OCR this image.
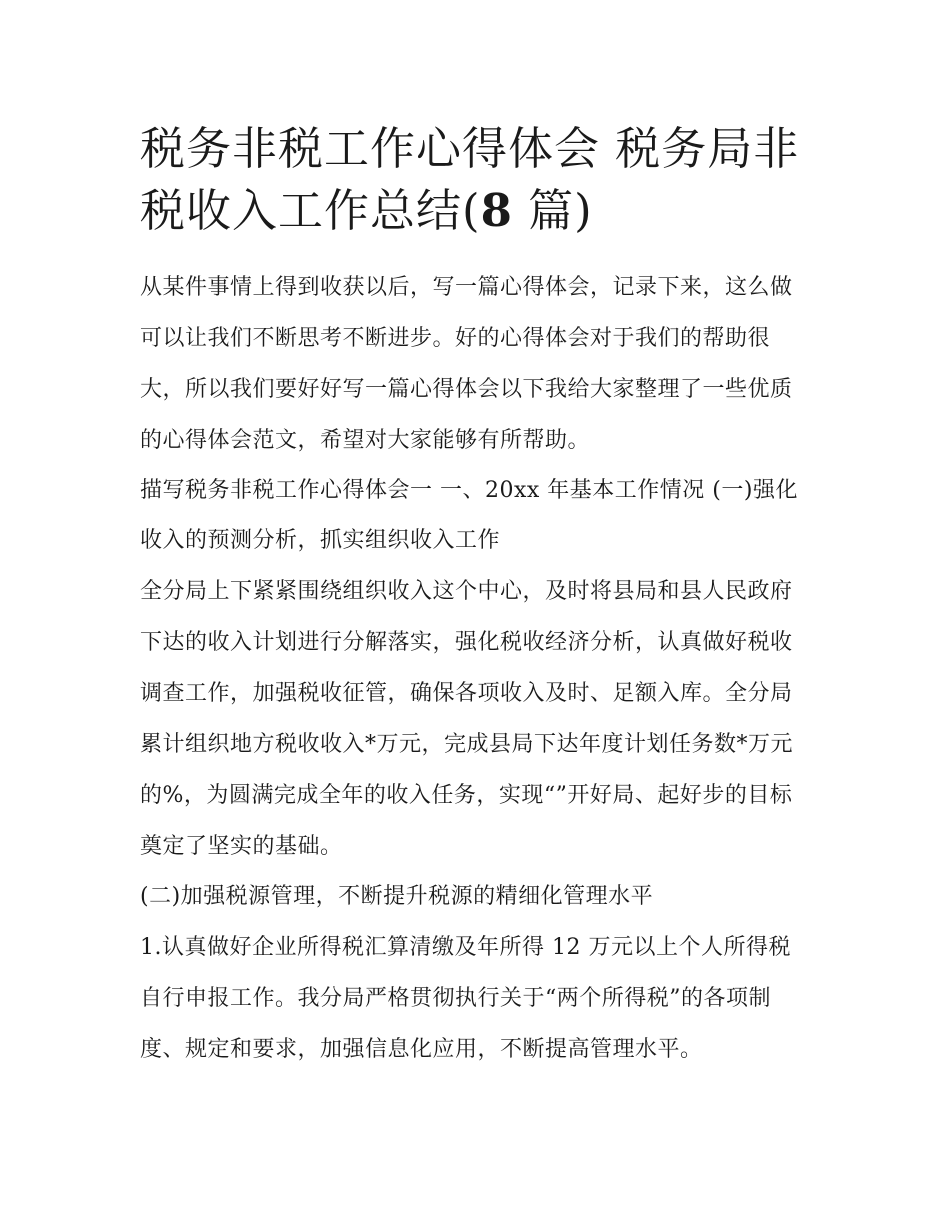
税务非税工作心得体会 税务局非税收入工作总结(8 篇)

从某件事情上得到收获以后，写一篇心得体会，记录下来，这么做可以让我们不断思考不断进步。好的心得体会对于我们的帮助很大，所以我们要好好写一篇心得体会以下我给大家整理了一些优质的心得体会范文，希望对大家能够有所帮助。

描写税务非税工作心得体会一 一、20xx 年基本工作情况 (一)强化收入的预测分析，抓实组织收入工作

全分局上下紧紧围绕组织收入这个中心，及时将县局和县人民政府下达的收入计划进行分解落实，强化税收经济分析，认真做好税收调查工作，加强税收征管，确保各项收入及时、足额入库。全分局累计组织地方税收收入*万元，完成县局下达年度计划任务数*万元的%，为圆满完成全年的收入任务，实现“”开好局、起好步的目标奠定了坚实的基础。

(二)加强税源管理，不断提升税源的精细化管理水平

1.认真做好企业所得税汇算清缴及年所得 12 万元以上个人所得税自行申报工作。我分局严格贯彻执行关于“两个所得税”的各项制度、规定和要求，加强信息化应用，不断提高管理水平。
